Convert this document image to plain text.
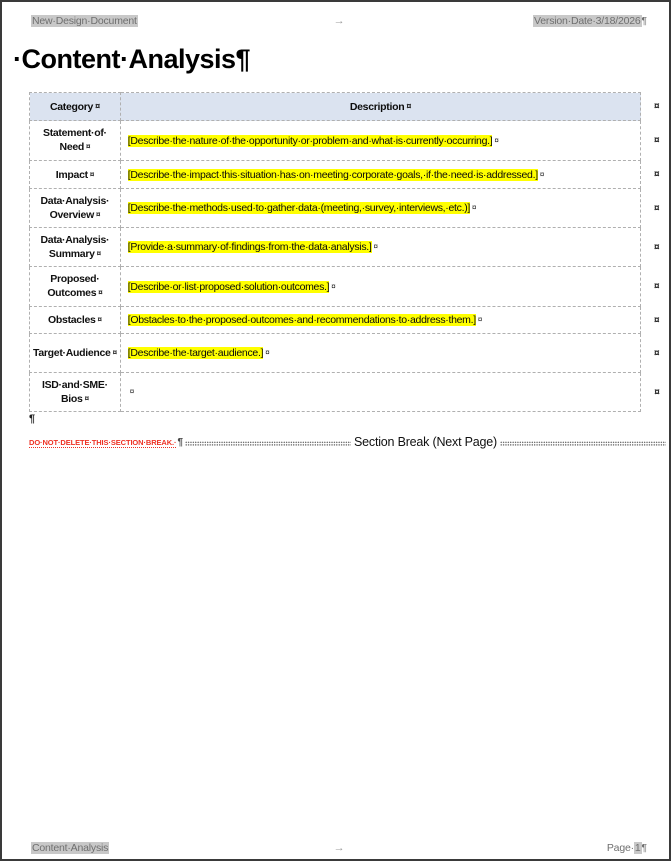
New·​Design·​Document	→	Version·​Date·​3/18/2026¶
·​Content·​Analysis¶
Category ¤	Description ¤	¤
Statement·​of·​Need ¤	[Describe·​the·​nature·​of·​the·​opportunity·​or·​problem·​and·​what·​is·​currently·​occurring.] ¤	¤
Impact ¤	[Describe·​the·​impact·​this·​situation·​has·​on·​meeting·​corporate·​goals,·​if·​the·​need·​is·​addressed.] ¤	¤
Data·​Analysis·​Overview ¤	[Describe·​the·​methods·​used·​to·​gather·​data·​(meeting,·​survey,·​interviews,·​etc.)] ¤	¤
Data·​Analysis·​Summary ¤	[Provide·​a·​summary·​of·​findings·​from·​the·​data·​analysis.] ¤	¤
Proposed·​Outcomes ¤	[Describe·​or·​list·​proposed·​solution·​outcomes.] ¤	¤
Obstacles ¤	[Obstacles·​to·​the·​proposed·​outcomes·​and·​recommendations·​to·​address·​them.] ¤	¤
Target·​Audience ¤	[Describe·​the·​target·​audience.] ¤	¤
ISD·​and·​SME·​Bios ¤	¤	¤
¶
DO·​NOT·​DELETE·​THIS·​SECTION·​BREAK.·​ ¶	Section Break (Next Page)
Content·​Analysis	→	Page·​1¶
